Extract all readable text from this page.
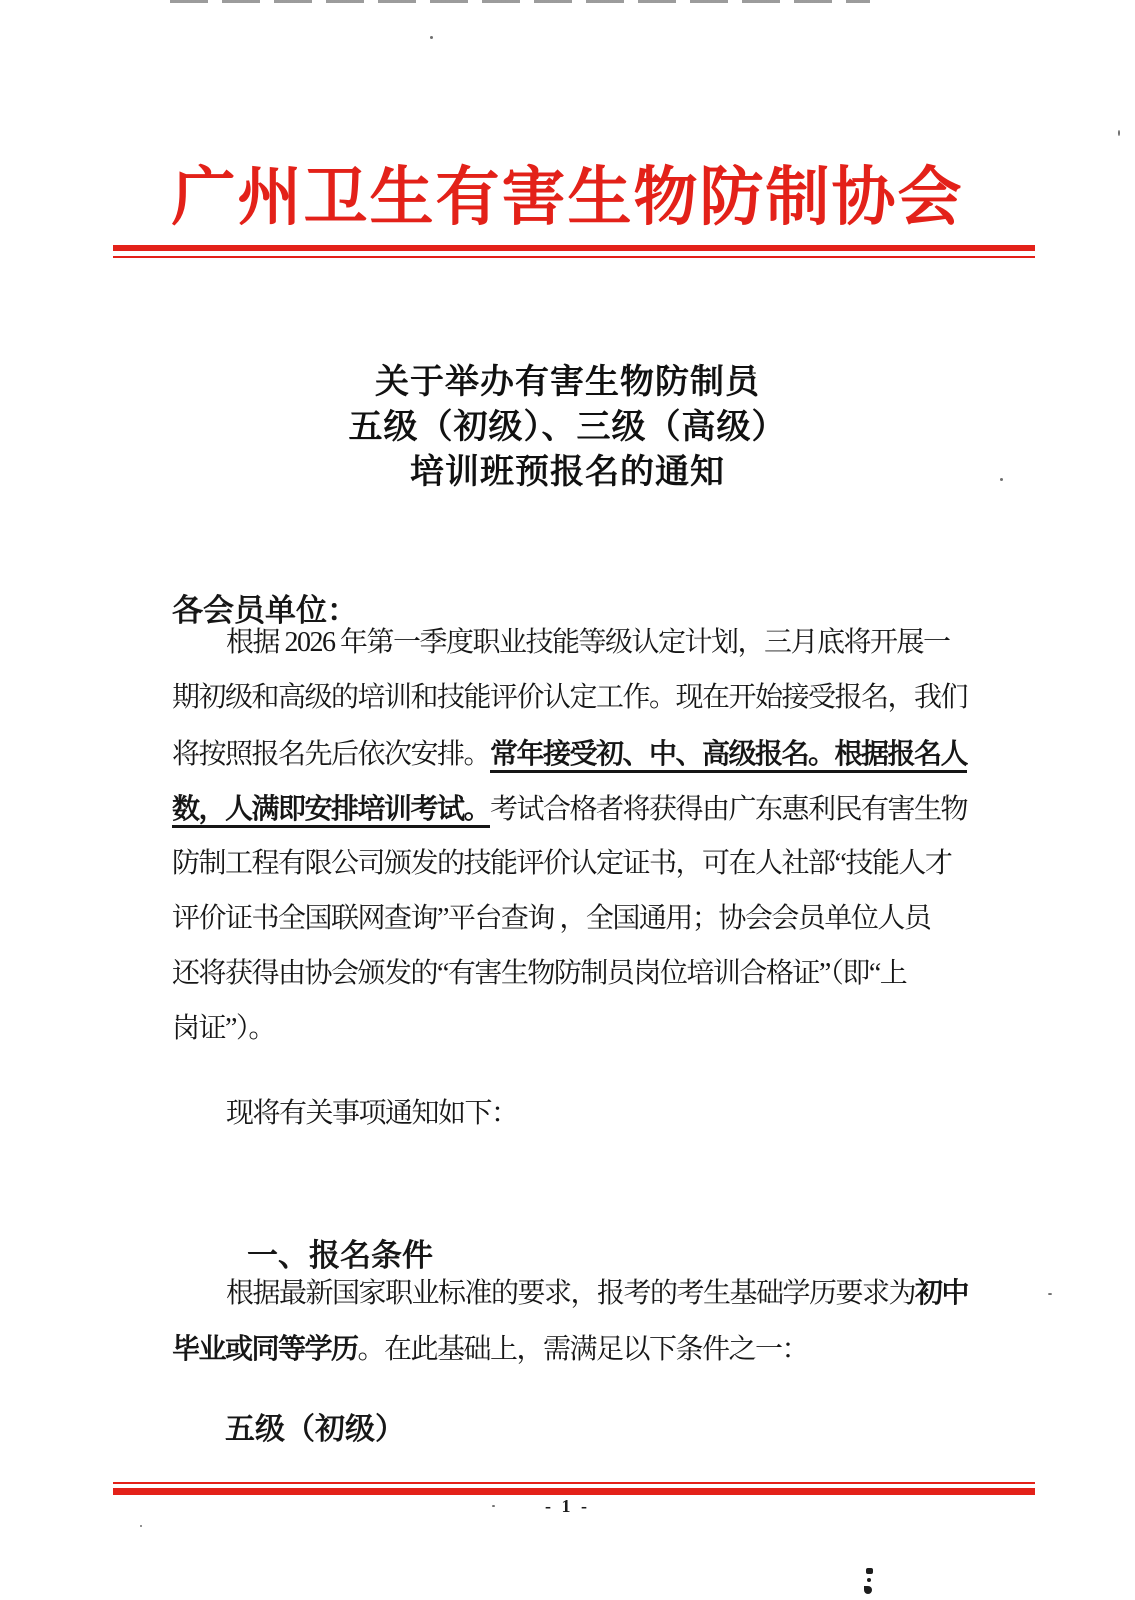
广州卫生有害生物防制协会
关于举办有害生物防制员
五级（初级）、三级（高级）
培训班预报名的通知
各会员单位：
根据 2026 年第一季度职业技能等级认定计划，三月底将开展一
期初级和高级的培训和技能评价认定工作。现在开始接受报名，我们
将按照报名先后依次安排。常年接受初、中、高级报名。根据报名人
数，人满即安排培训考试。考试合格者将获得由广东惠利民有害生物
防制工程有限公司颁发的技能评价认定证书，可在人社部“技能人才
评价证书全国联网查询”平台查询 ，全国通用；协会会员单位人员
还将获得由协会颁发的“有害生物防制员岗位培训合格证”（即“上
岗证”）。
现将有关事项通知如下：
一、报名条件
根据最新国家职业标准的要求，报考的考生基础学历要求为初中
毕业或同等学历。在此基础上，需满足以下条件之一：
五级（初级）
- 1 -
